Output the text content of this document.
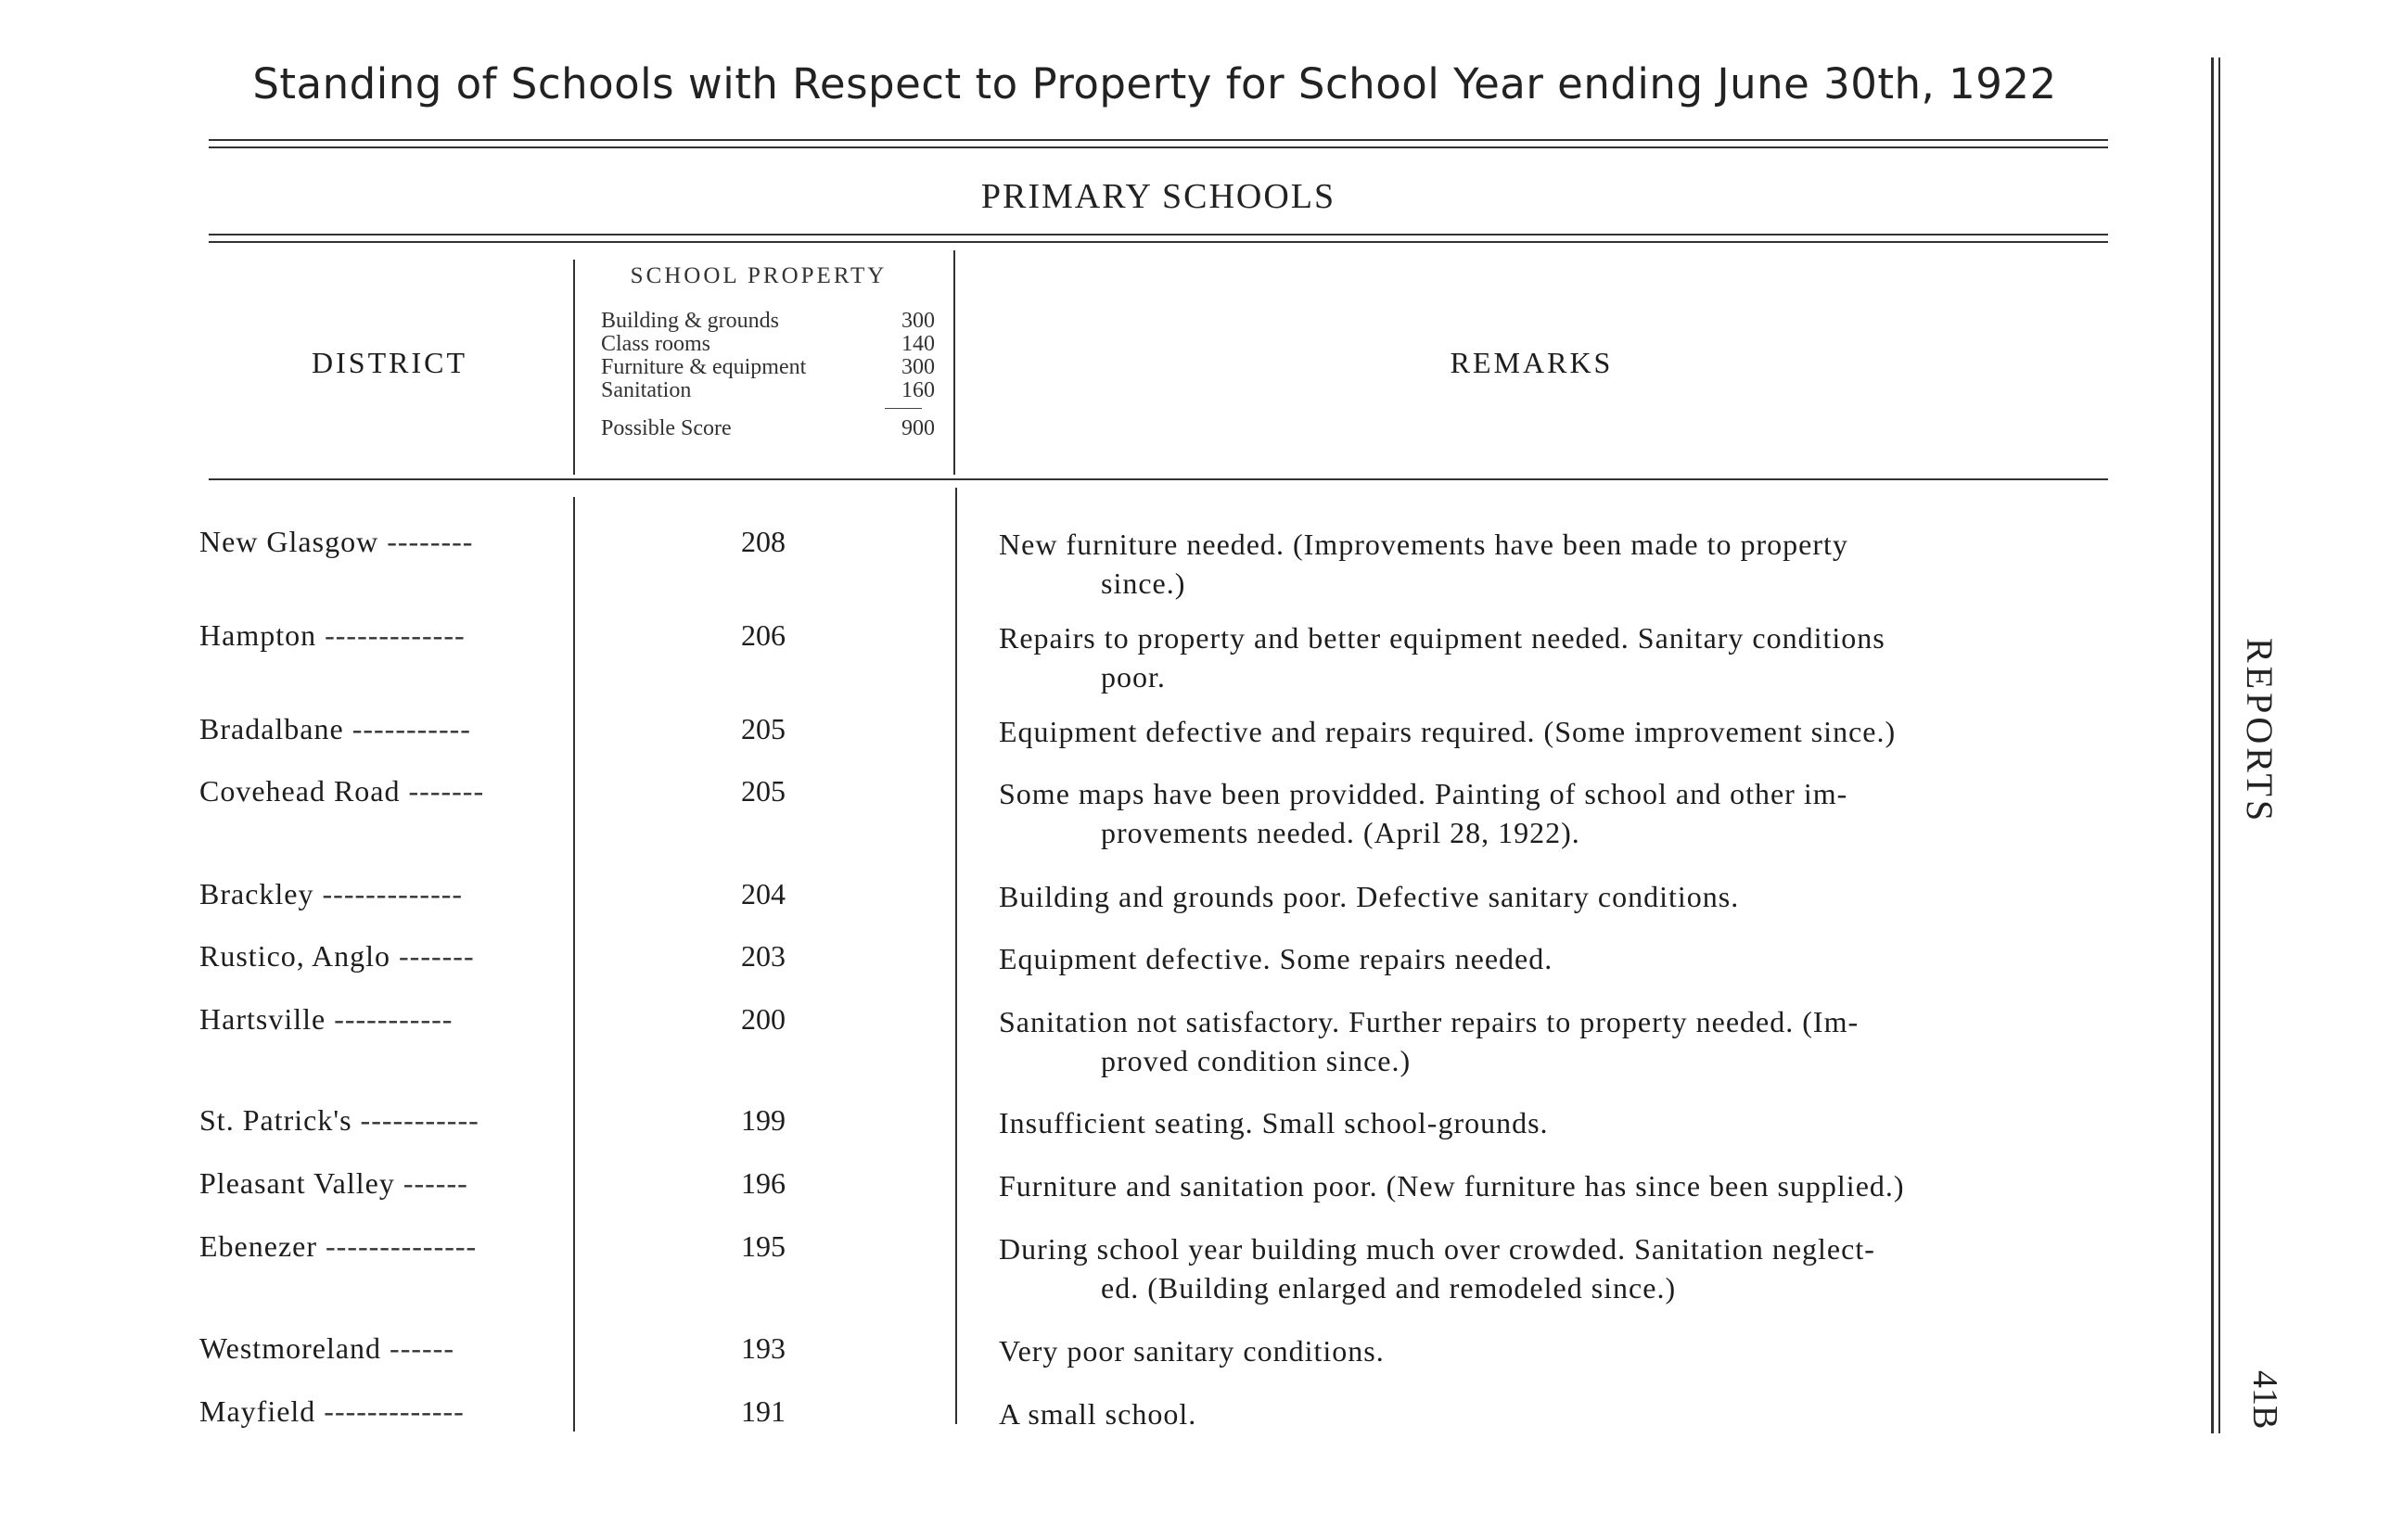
Standing of Schools with Respect to Property for School Year ending June 30th, 1922
PRIMARY SCHOOLS
DISTRICT
SCHOOL PROPERTY
Building & grounds	300
Class rooms	140
Furniture & equipment	300
Sanitation	160
Possible Score	900
REMARKS
New Glasgow --------	208	New furniture needed. (Improvements have been made to property
since.)
Hampton -------------	206	Repairs to property and better equipment needed. Sanitary conditions
poor.
Bradalbane -----------	205	Equipment defective and repairs required. (Some improvement since.)
Covehead Road -------	205	Some maps have been providded. Painting of school and other im-
provements needed. (April 28, 1922).
Brackley -------------	204	Building and grounds poor. Defective sanitary conditions.
Rustico, Anglo -------	203	Equipment defective. Some repairs needed.
Hartsville -----------	200	Sanitation not satisfactory. Further repairs to property needed. (Im-
proved condition since.)
St. Patrick's -----------	199	Insufficient seating. Small school-grounds.
Pleasant Valley ------	196	Furniture and sanitation poor. (New furniture has since been supplied.)
Ebenezer --------------	195	During school year building much over crowded. Sanitation neglect-
ed. (Building enlarged and remodeled since.)
Westmoreland ------	193	Very poor sanitary conditions.
Mayfield -------------	191	A small school.
REPORTS
41B
